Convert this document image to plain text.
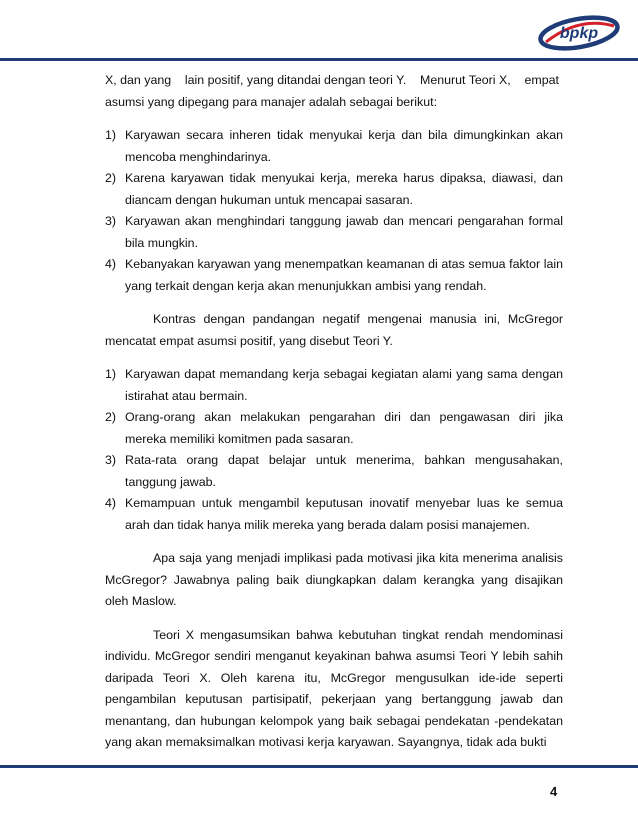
bpkp

X, dan yang    lain positif, yang ditandai dengan teori Y.    Menurut Teori X,    empat

asumsi yang dipegang para manajer adalah sebagai berikut:

1) Karyawan secara inheren tidak menyukai kerja dan bila dimungkinkan akan mencoba menghindarinya.
2) Karena karyawan tidak menyukai kerja, mereka harus dipaksa, diawasi, dan diancam dengan hukuman untuk mencapai sasaran.
3) Karyawan akan menghindari tanggung jawab dan mencari pengarahan formal bila mungkin.
4) Kebanyakan karyawan yang menempatkan keamanan di atas semua faktor lain yang terkait dengan kerja akan menunjukkan ambisi yang rendah.

Kontras dengan pandangan negatif mengenai manusia ini, McGregor mencatat empat asumsi positif, yang disebut Teori Y.

1) Karyawan dapat memandang kerja sebagai kegiatan alami yang sama dengan istirahat atau bermain.
2) Orang-orang akan melakukan pengarahan diri dan pengawasan diri jika mereka memiliki komitmen pada sasaran.
3) Rata-rata orang dapat belajar untuk menerima, bahkan mengusahakan, tanggung jawab.
4) Kemampuan untuk mengambil keputusan inovatif menyebar luas ke semua arah dan tidak hanya milik mereka yang berada dalam posisi manajemen.

Apa saja yang menjadi implikasi pada motivasi jika kita menerima analisis McGregor? Jawabnya paling baik diungkapkan dalam kerangka yang disajikan oleh Maslow.

Teori X mengasumsikan bahwa kebutuhan tingkat rendah mendominasi individu. McGregor sendiri menganut keyakinan bahwa asumsi Teori Y lebih sahih daripada Teori X. Oleh karena itu, McGregor mengusulkan ide-ide seperti pengambilan keputusan partisipatif, pekerjaan yang bertanggung jawab dan menantang, dan hubungan kelompok yang baik sebagai pendekatan -pendekatan yang akan memaksimalkan motivasi kerja karyawan. Sayangnya, tidak ada bukti

4
